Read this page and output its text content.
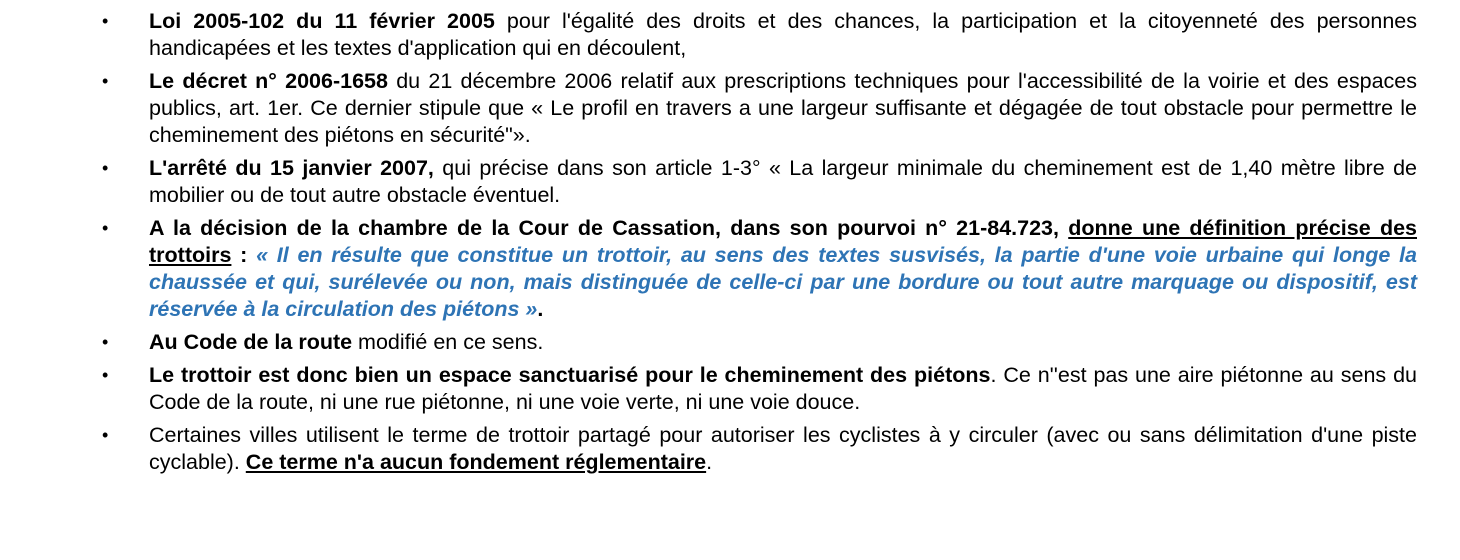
• Loi 2005-102 du 11 février 2005 pour l'égalité des droits et des chances, la participation et la citoyenneté des personnes handicapées et les textes d'application qui en découlent,
• Le décret n° 2006-1658 du 21 décembre 2006 relatif aux prescriptions techniques pour l'accessibilité de la voirie et des espaces publics, art. 1er. Ce dernier stipule que « Le profil en travers a une largeur suffisante et dégagée de tout obstacle pour permettre le cheminement des piétons en sécurité"».
• L'arrêté du 15 janvier 2007, qui précise dans son article 1-3° « La largeur minimale du cheminement est de 1,40 mètre libre de mobilier ou de tout autre obstacle éventuel.
• A la décision de la chambre de la Cour de Cassation, dans son pourvoi n° 21-84.723, donne une définition précise des trottoirs : « Il en résulte que constitue un trottoir, au sens des textes susvisés, la partie d'une voie urbaine qui longe la chaussée et qui, surélevée ou non, mais distinguée de celle-ci par une bordure ou tout autre marquage ou dispositif, est réservée à la circulation des piétons ».
• Au Code de la route modifié en ce sens.
• Le trottoir est donc bien un espace sanctuarisé pour le cheminement des piétons. Ce n''est pas une aire piétonne au sens du Code de la route, ni une rue piétonne, ni une voie verte, ni une voie douce.
• Certaines villes utilisent le terme de trottoir partagé pour autoriser les cyclistes à y circuler (avec ou sans délimitation d'une piste cyclable). Ce terme n'a aucun fondement réglementaire.
